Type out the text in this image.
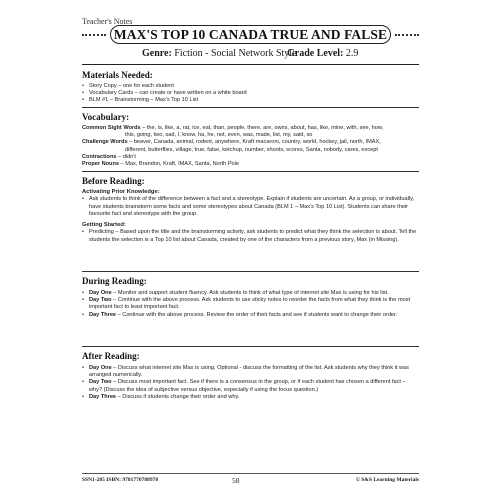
Teacher's Notes
MAX'S TOP 10 CANADA TRUE AND FALSE
Genre: Fiction - Social Network Style
Grade Level: 2.9
Materials Needed:
• Story Copy – one for each student
• Vocabulary Cards – can create or have written on a white board
• BLM #1 – Brainstorming – Max's Top 10 List
Vocabulary:
Common Sight Words – the, is, like, a, rat, ice, eat, than, people, there, are, owns, about, has, like, mine, with, see, how,
this, going, two, sad, I, know, ha, he, not, even, was, made, list, my, said, so
Challenge Words – beaver, Canada, animal, rodent, anywhere, Kraft macaroni, country, world, hockey, jail, north, IMAX,
different, butterflies, village, true, false, ketchup, number, shoots, scores, Santa, nobody, cares, except
Contractions – didn't
Proper Nouns – Max, Brandon, Kraft, IMAX, Santa, North Pole
Before Reading:
Activating Prior Knowledge:
• Ask students to think of the difference between a fact and a stereotype. Explain if students are uncertain. As a group, or individually, have students brainstorm some facts and some stereotypes about Canada (BLM 1 – Max's Top 10 List). Students can share their favourite fact and stereotype with the group.
Getting Started:
• Predicting – Based upon the title and the brainstorming activity, ask students to predict what they think the selection is about. Tell the students the selection is a Top 10 list about Canada, created by one of the characters from a previous story, Max (in Missing).
During Reading:
• Day One – Monitor and support student fluency. Ask students to think of what type of internet site Max is using for his list.
• Day Two – Continue with the above process. Ask students to use sticky notes to reorder the facts from what they think is the most important fact to least important fact.
• Day Three – Continue with the above process. Review the order of their facts and see if students want to change their order.
After Reading:
• Day One – Discuss what internet site Max is using. Optional - discuss the formatting of the list. Ask students why they think it was arranged numerically.
• Day Two – Discuss most important fact. See if there is a consensus in the group, or if each student has chosen a different fact – why? (Discuss the idea of subjective versus objective, especially if using the focus question.)
• Day Three – Discuss if students change their order and why.
SSN1-285 ISBN: 9781770788978	58	© S&S Learning Materials
